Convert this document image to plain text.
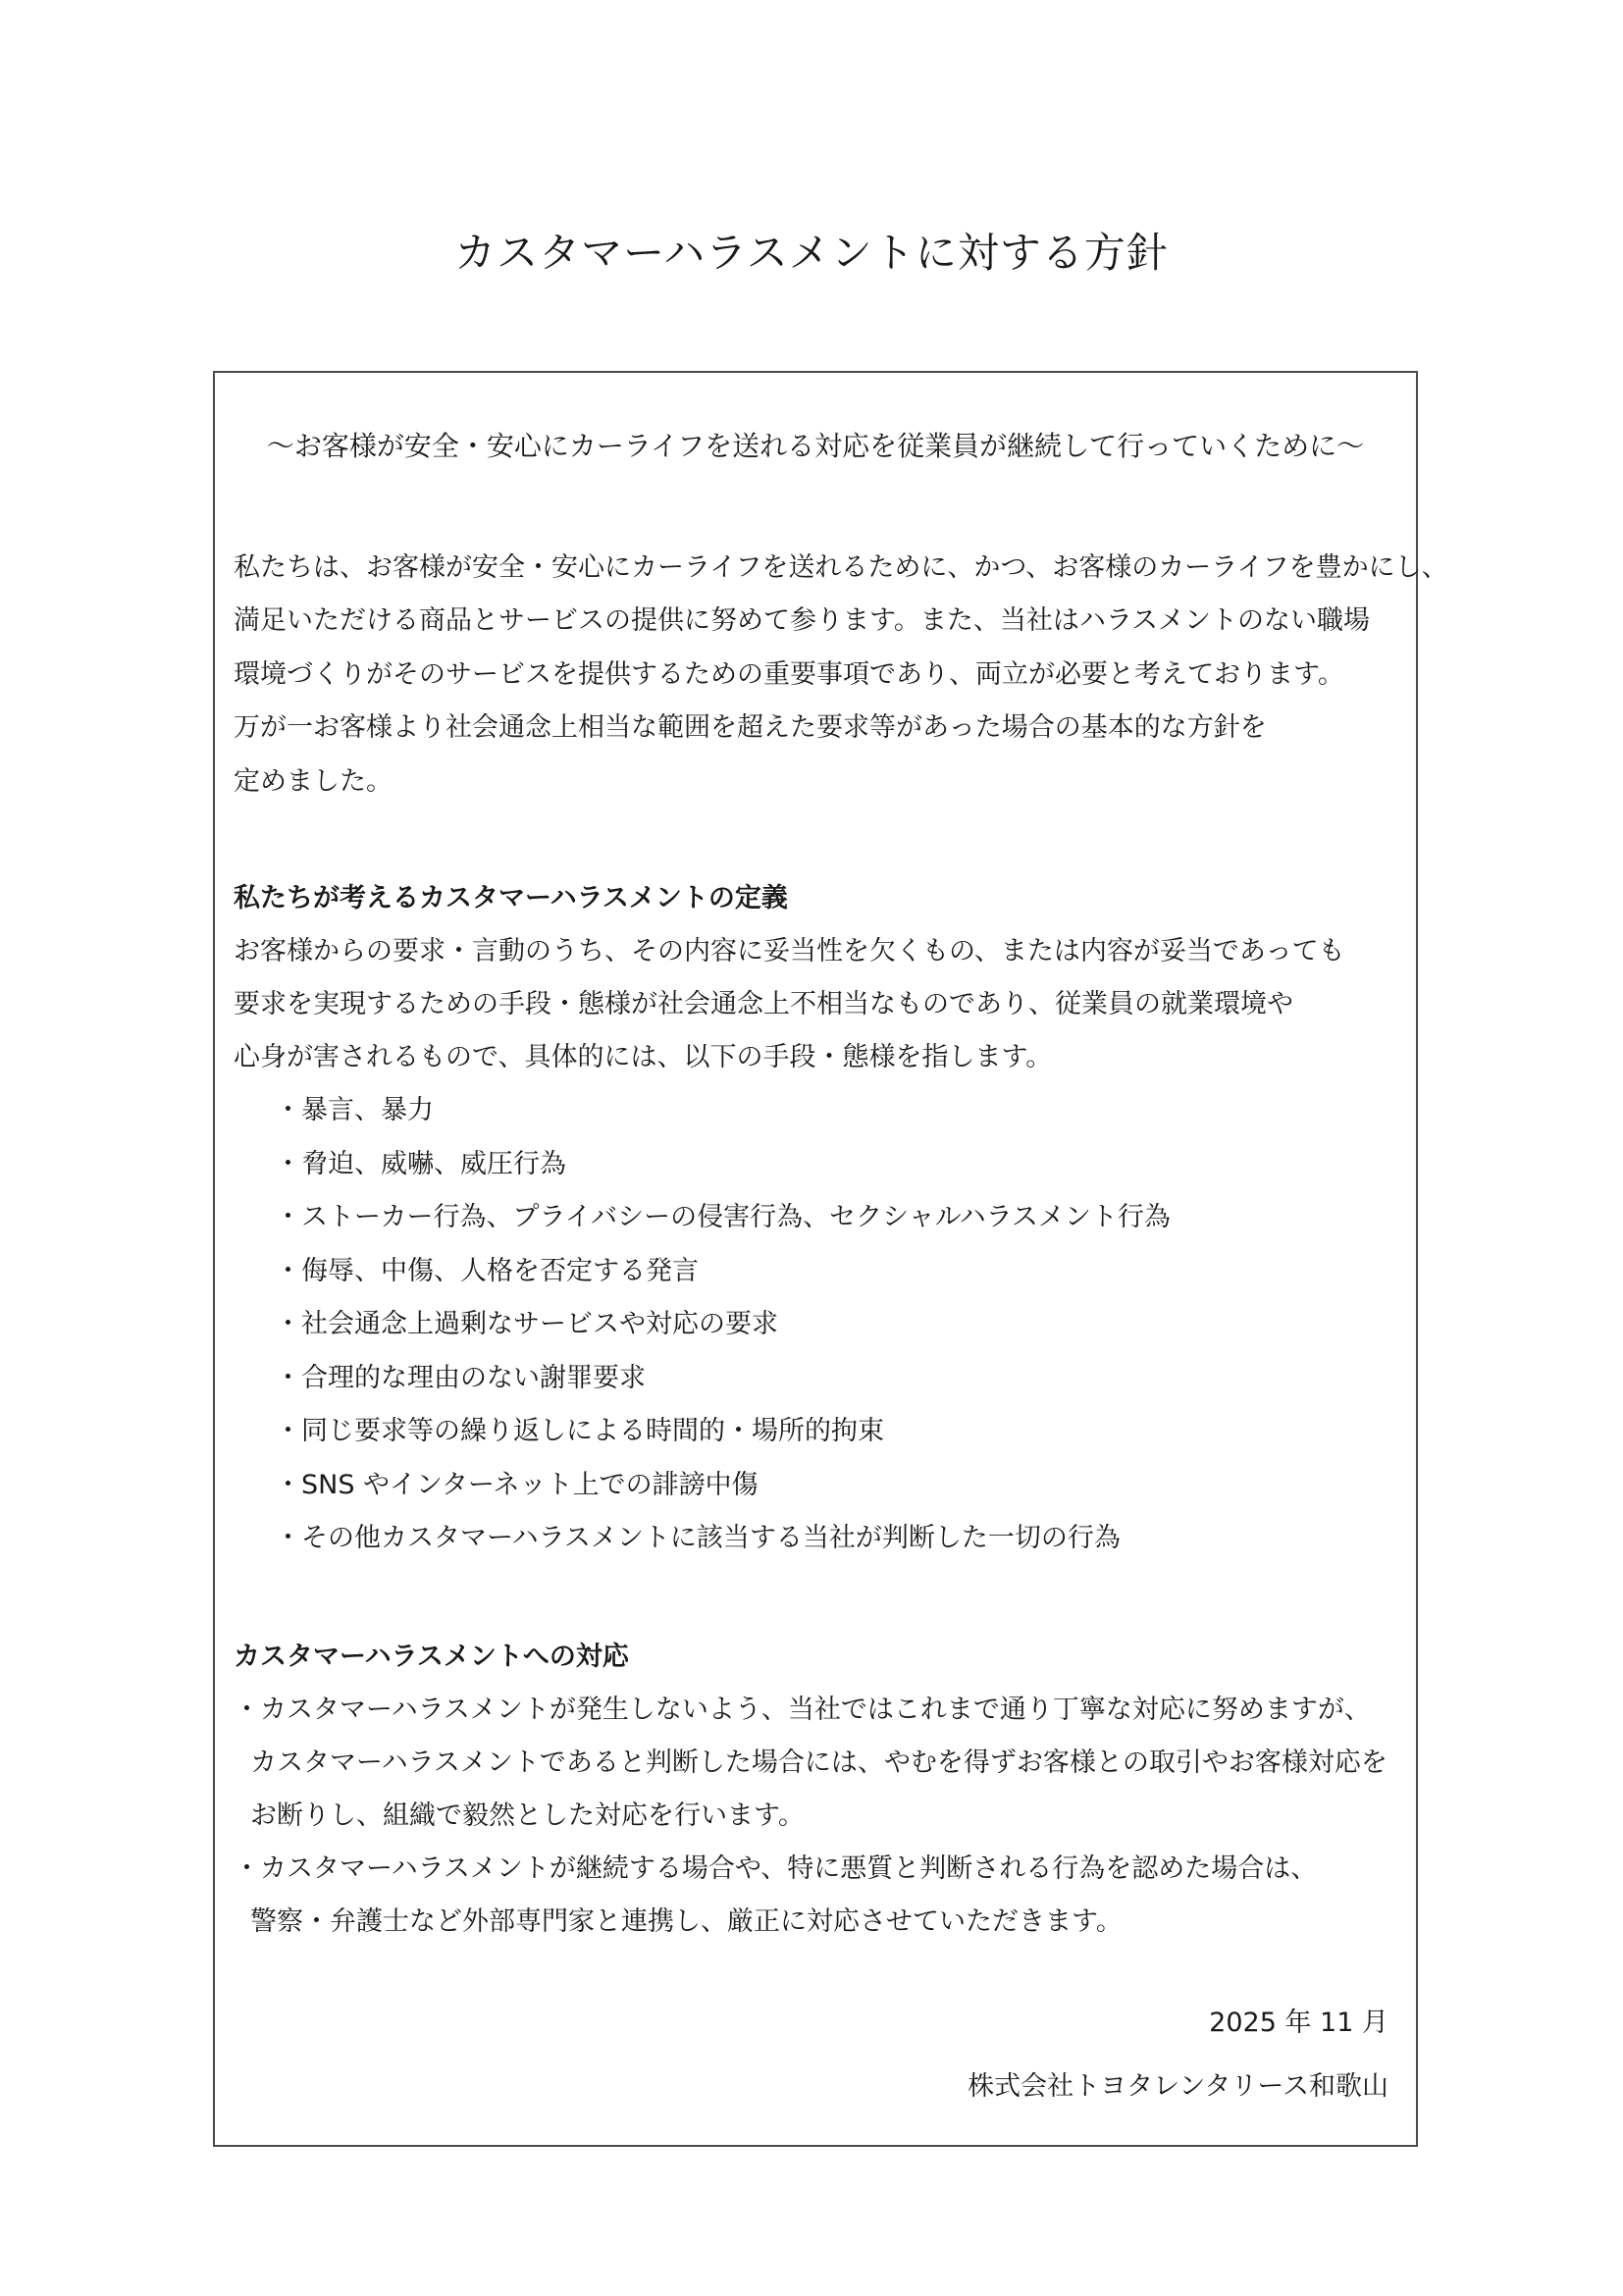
カスタマーハラスメントに対する方針

～お客様が安全・安心にカーライフを送れる対応を従業員が継続して行っていくために～

私たちは、お客様が安全・安心にカーライフを送れるために、かつ、お客様のカーライフを豊かにし、

満足いただける商品とサービスの提供に努めて参ります。また、当社はハラスメントのない職場

環境づくりがそのサービスを提供するための重要事項であり、両立が必要と考えております。

万が一お客様より社会通念上相当な範囲を超えた要求等があった場合の基本的な方針を

定めました。

私たちが考えるカスタマーハラスメントの定義

お客様からの要求・言動のうち、その内容に妥当性を欠くもの、または内容が妥当であっても

要求を実現するための手段・態様が社会通念上不相当なものであり、従業員の就業環境や

心身が害されるもので、具体的には、以下の手段・態様を指します。

・暴言、暴力
・脅迫、威嚇、威圧行為
・ストーカー行為、プライバシーの侵害行為、セクシャルハラスメント行為
・侮辱、中傷、人格を否定する発言
・社会通念上過剰なサービスや対応の要求
・合理的な理由のない謝罪要求
・同じ要求等の繰り返しによる時間的・場所的拘束
・SNS やインターネット上での誹謗中傷
・その他カスタマーハラスメントに該当する当社が判断した一切の行為
カスタマーハラスメントへの対応

・カスタマーハラスメントが発生しないよう、当社ではこれまで通り丁寧な対応に努めますが、

カスタマーハラスメントであると判断した場合には、やむを得ずお客様との取引やお客様対応を

お断りし、組織で毅然とした対応を行います。

・カスタマーハラスメントが継続する場合や、特に悪質と判断される行為を認めた場合は、

警察・弁護士など外部専門家と連携し、厳正に対応させていただきます。

2025 年 11 月

株式会社トヨタレンタリース和歌山
